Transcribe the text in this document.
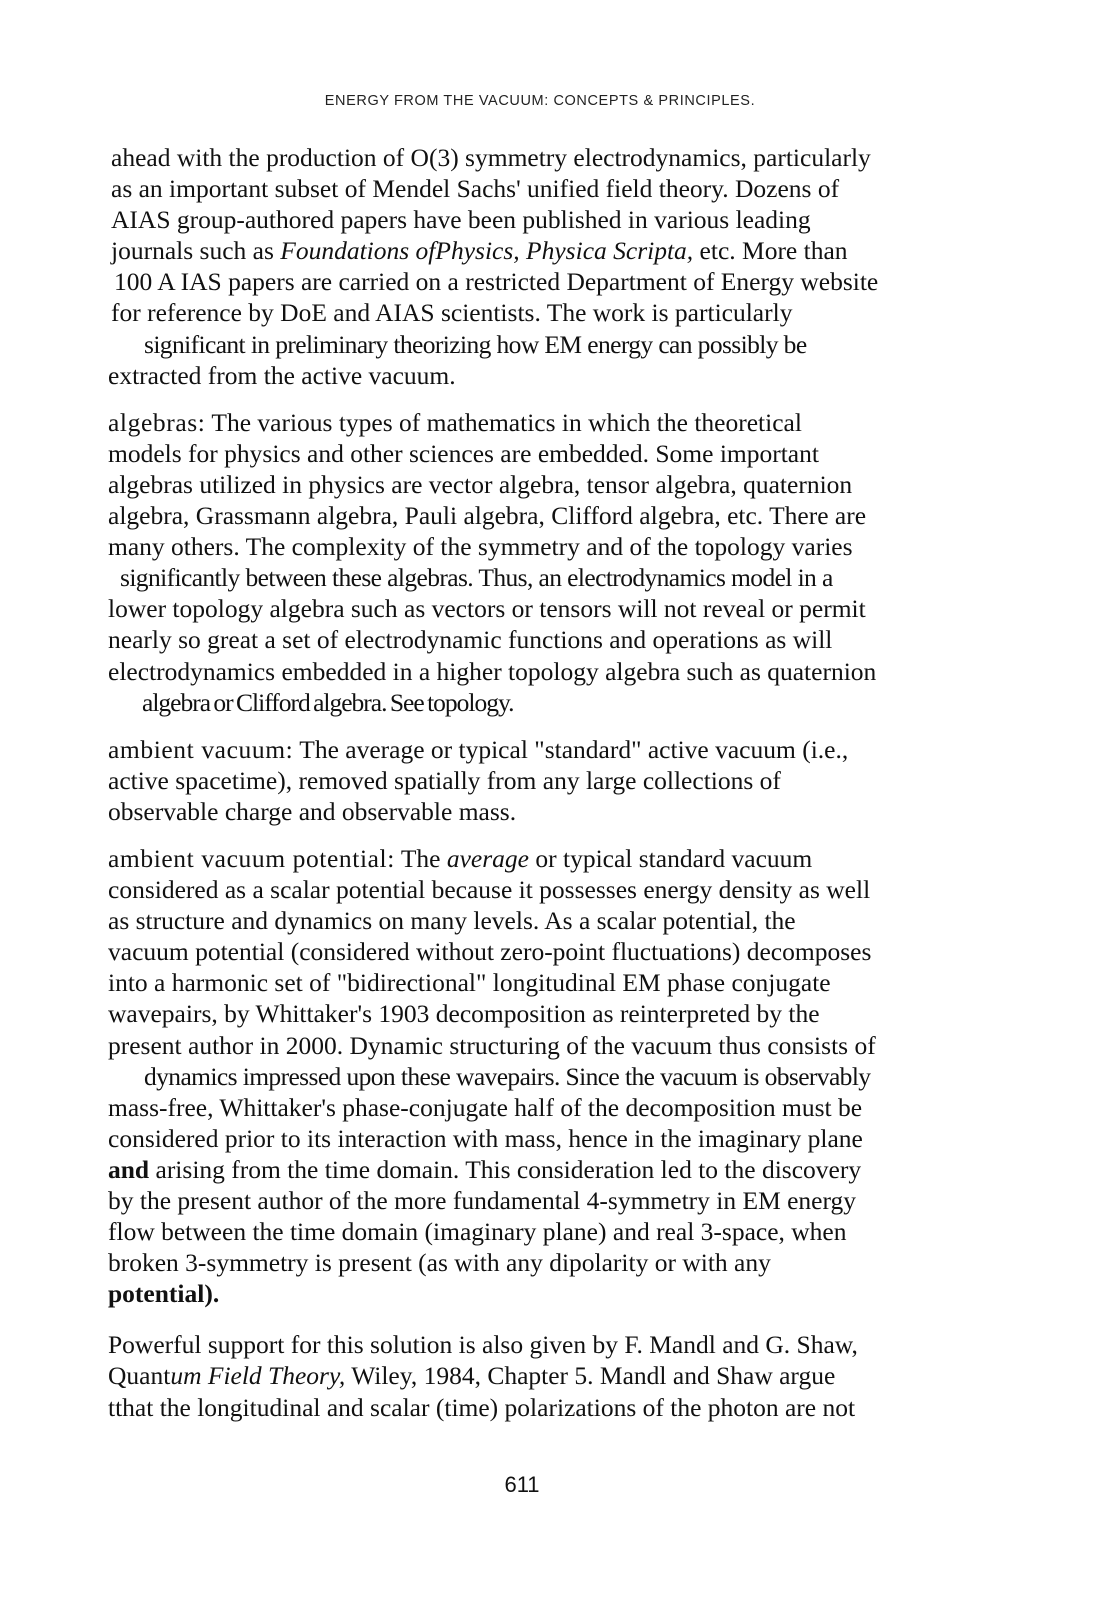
ENERGY FROM THE VACUUM: CONCEPTS & PRINCIPLES.
ahead with the production of O(3) symmetry electrodynamics, particularly
as an important subset of Mendel Sachs' unified field theory. Dozens of
AIAS group-authored papers have been published in various leading
journals such as Foundations ofPhysics, Physica Scripta, etc. More than
100 A IAS papers are carried on a restricted Department of Energy website
for reference by DoE and AIAS scientists. The work is particularly
significant in preliminary theorizing how EM energy can possibly be
extracted from the active vacuum.
algebras: The various types of mathematics in which the theoretical
models for physics and other sciences are embedded. Some important
algebras utilized in physics are vector algebra, tensor algebra, quaternion
algebra, Grassmann algebra, Pauli algebra, Clifford algebra, etc. There are
many others. The complexity of the symmetry and of the topology varies
significantly between these algebras. Thus, an electrodynamics model in a
lower topology algebra such as vectors or tensors will not reveal or permit
nearly so great a set of electrodynamic functions and operations as will
electrodynamics embedded in a higher topology algebra such as quaternion
algebra or Clifford algebra. See topology.
ambient vacuum: The average or typical "standard" active vacuum (i.e.,
active spacetime), removed spatially from any large collections of
observable charge and observable mass.
ambient vacuum potential: The average or typical standard vacuum
considered as a scalar potential because it possesses energy density as well
as structure and dynamics on many levels. As a scalar potential, the
vacuum potential (considered without zero-point fluctuations) decomposes
into a harmonic set of "bidirectional" longitudinal EM phase conjugate
wavepairs, by Whittaker's 1903 decomposition as reinterpreted by the
present author in 2000. Dynamic structuring of the vacuum thus consists of
dynamics impressed upon these wavepairs. Since the vacuum is observably
mass-free, Whittaker's phase-conjugate half of the decomposition must be
considered prior to its interaction with mass, hence in the imaginary plane
and arising from the time domain. This consideration led to the discovery
by the present author of the more fundamental 4-symmetry in EM energy
flow between the time domain (imaginary plane) and real 3-space, when
broken 3-symmetry is present (as with any dipolarity or with any
potential).
Powerful support for this solution is also given by F. Mandl and G. Shaw,
Quantum Field Theory, Wiley, 1984, Chapter 5. Mandl and Shaw argue
tthat the longitudinal and scalar (time) polarizations of the photon are not
611
